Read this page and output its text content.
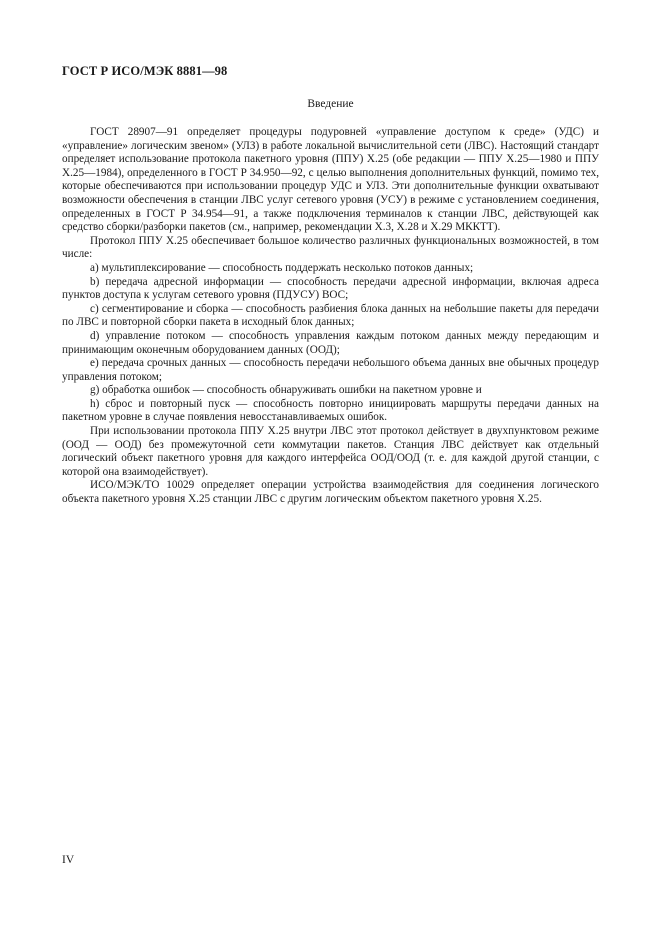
ГОСТ Р ИСО/МЭК 8881—98
Введение

ГОСТ 28907—91 определяет процедуры подуровней «управление доступом к среде» (УДС) и «управление» логическим звеном» (УЛЗ) в работе локальной вычислительной сети (ЛВС). Настоящий стандарт определяет использование протокола пакетного уровня (ППУ) X.25 (обе редакции — ППУ X.25—1980 и ППУ X.25—1984), определенного в ГОСТ Р 34.950—92, с целью выполнения дополнительных функций, помимо тех, которые обеспечиваются при использовании процедур УДС и УЛЗ. Эти дополнительные функции охватывают возможности обеспечения в станции ЛВС услуг сетевого уровня (УСУ) в режиме с установлением соединения, определенных в ГОСТ Р 34.954—91, а также подключения терминалов к станции ЛВС, действующей как средство сборки/разборки пакетов (см., например, рекомендации X.3, X.28 и X.29 МККТТ).

Протокол ППУ X.25 обеспечивает большое количество различных функциональных возможностей, в том числе:

a) мультиплексирование — способность поддержать несколько потоков данных;

b) передача адресной информации — способность передачи адресной информации, включая адреса пунктов доступа к услугам сетевого уровня (ПДУСУ) ВОС;

c) сегментирование и сборка — способность разбиения блока данных на небольшие пакеты для передачи по ЛВС и повторной сборки пакета в исходный блок данных;

d) управление потоком — способность управления каждым потоком данных между передающим и принимающим оконечным оборудованием данных (ООД);

e) передача срочных данных — способность передачи небольшого объема данных вне обычных процедур управления потоком;

g) обработка ошибок — способность обнаруживать ошибки на пакетном уровне и

h) сброс и повторный пуск — способность повторно инициировать маршруты передачи данных на пакетном уровне в случае появления невосстанавливаемых ошибок.

При использовании протокола ППУ X.25 внутри ЛВС этот протокол действует в двухпунктовом режиме (ООД — ООД) без промежуточной сети коммутации пакетов. Станция ЛВС действует как отдельный логический объект пакетного уровня для каждого интерфейса ООД/ООД (т. е. для каждой другой станции, с которой она взаимодействует).

ИСО/МЭК/ТО 10029 определяет операции устройства взаимодействия для соединения логического объекта пакетного уровня X.25 станции ЛВС с другим логическим объектом пакетного уровня X.25.

IV
